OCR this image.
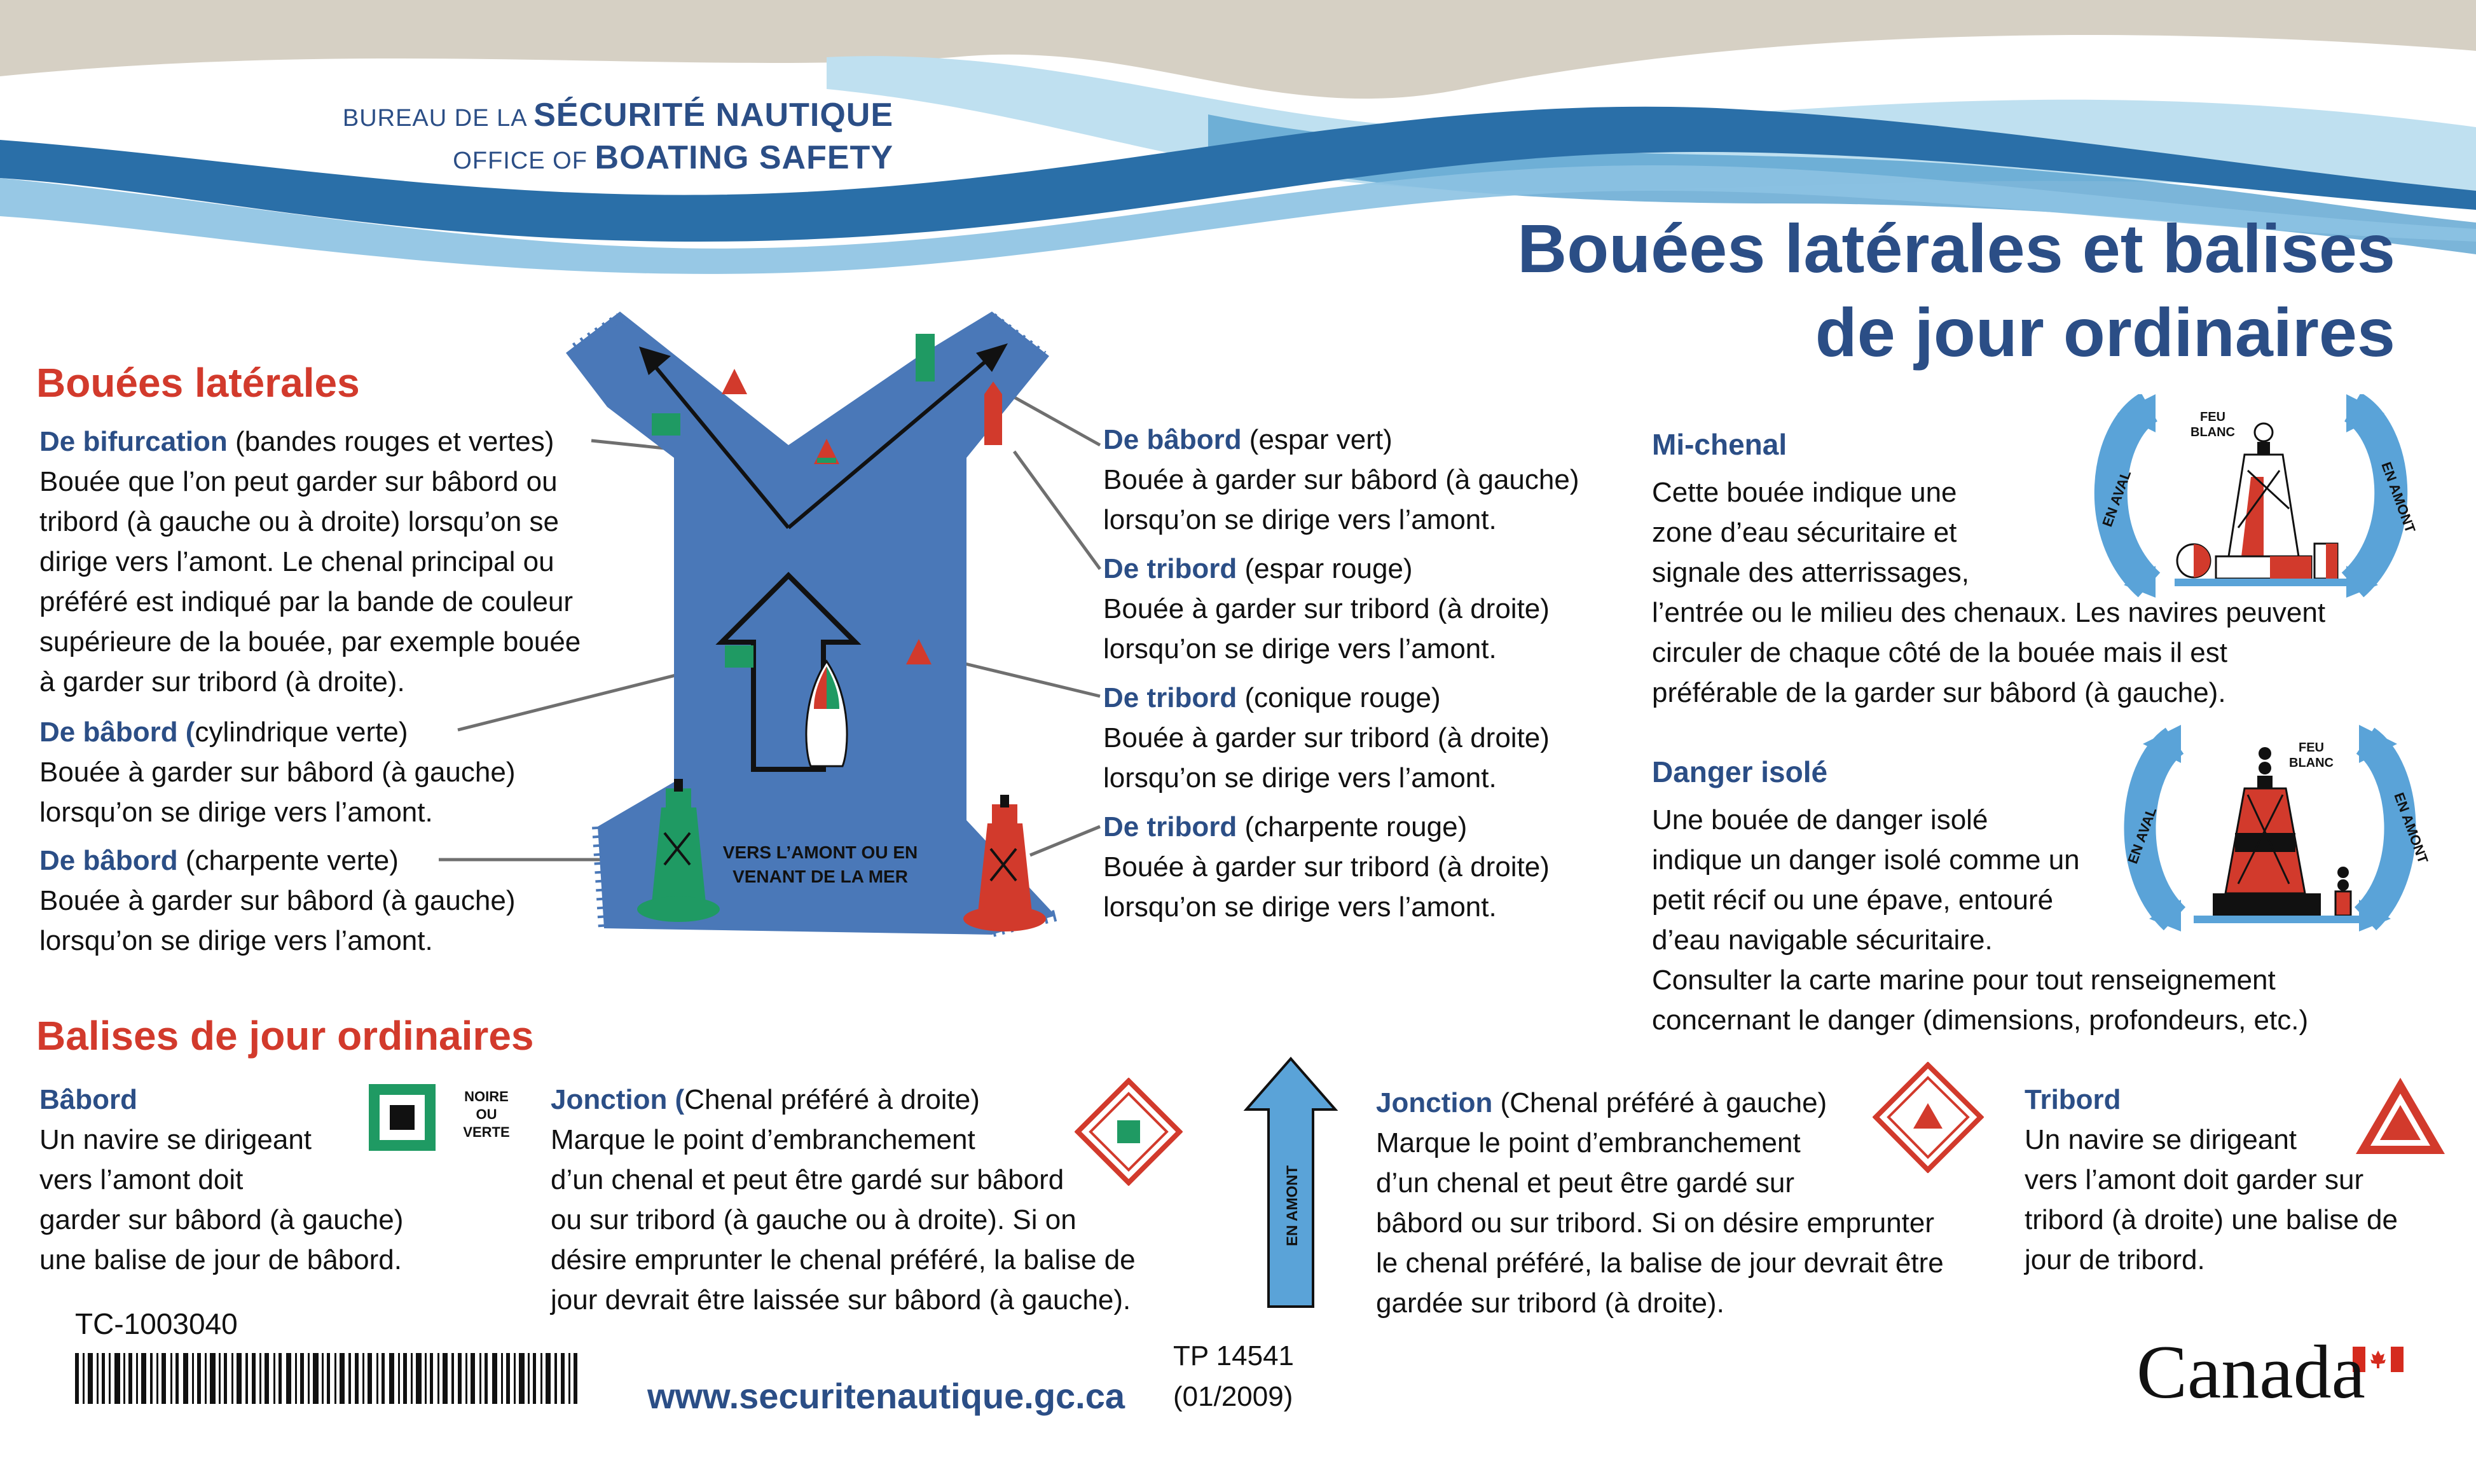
BUREAU DE LA SÉCURITÉ NAUTIQUE
OFFICE OF BOATING SAFETY
Bouées latérales et balises
de jour ordinaires
Bouées latérales
De bifurcation (bandes rouges et vertes)
Bouée que l’on peut garder sur bâbord ou
tribord (à gauche ou à droite) lorsqu’on se
dirige vers l’amont. Le chenal principal ou
préféré est indiqué par la bande de couleur
supérieure de la bouée, par exemple bouée
à garder sur tribord (à droite).
De bâbord (cylindrique verte)
Bouée à garder sur bâbord (à gauche)
lorsqu’on se dirige vers l’amont.
De bâbord (charpente verte)
Bouée à garder sur bâbord (à gauche)
lorsqu’on se dirige vers l’amont.
VERS L’AMONT OU EN
VENANT DE LA MER
De bâbord (espar vert)
Bouée à garder sur bâbord (à gauche)
lorsqu’on se dirige vers l’amont.
De tribord (espar rouge)
Bouée à garder sur tribord (à droite)
lorsqu’on se dirige vers l’amont.
De tribord (conique rouge)
Bouée à garder sur tribord (à droite)
lorsqu’on se dirige vers l’amont.
De tribord (charpente rouge)
Bouée à garder sur tribord (à droite)
lorsqu’on se dirige vers l’amont.
Mi-chenal
Cette bouée indique une
zone d’eau sécuritaire et
signale des atterrissages,
l’entrée ou le milieu des chenaux. Les navires peuvent
circuler de chaque côté de la bouée mais il est
préférable de la garder sur bâbord (à gauche).
EN AVAL	EN AMONT
FEU
BLANC
Danger isolé
Une bouée de danger isolé
indique un danger isolé comme un
petit récif ou une épave, entouré
d’eau navigable sécuritaire.
Consulter la carte marine pour tout renseignement
concernant le danger (dimensions, profondeurs, etc.)
EN AVAL	EN AMONT
FEU
BLANC
Balises de jour ordinaires
Bâbord
Un navire se dirigeant
vers l’amont doit
garder sur bâbord (à gauche)
une balise de jour de bâbord.
NOIRE
OU
VERTE
Jonction (Chenal préféré à droite)
Marque le point d’embranchement
d’un chenal et peut être gardé sur bâbord
ou sur tribord (à gauche ou à droite). Si on
désire emprunter le chenal préféré, la balise de
jour devrait être laissée sur bâbord (à gauche).
EN AMONT
Jonction (Chenal préféré à gauche)
Marque le point d’embranchement
d’un chenal et peut être gardé sur
bâbord ou sur tribord. Si on désire emprunter
le chenal préféré, la balise de jour devrait être
gardée sur tribord (à droite).
Tribord
Un navire se dirigeant
vers l’amont doit garder sur
tribord (à droite) une balise de
jour de tribord.
TC-1003040
www.securitenautique.gc.ca
TP 14541
(01/2009)	Canada
